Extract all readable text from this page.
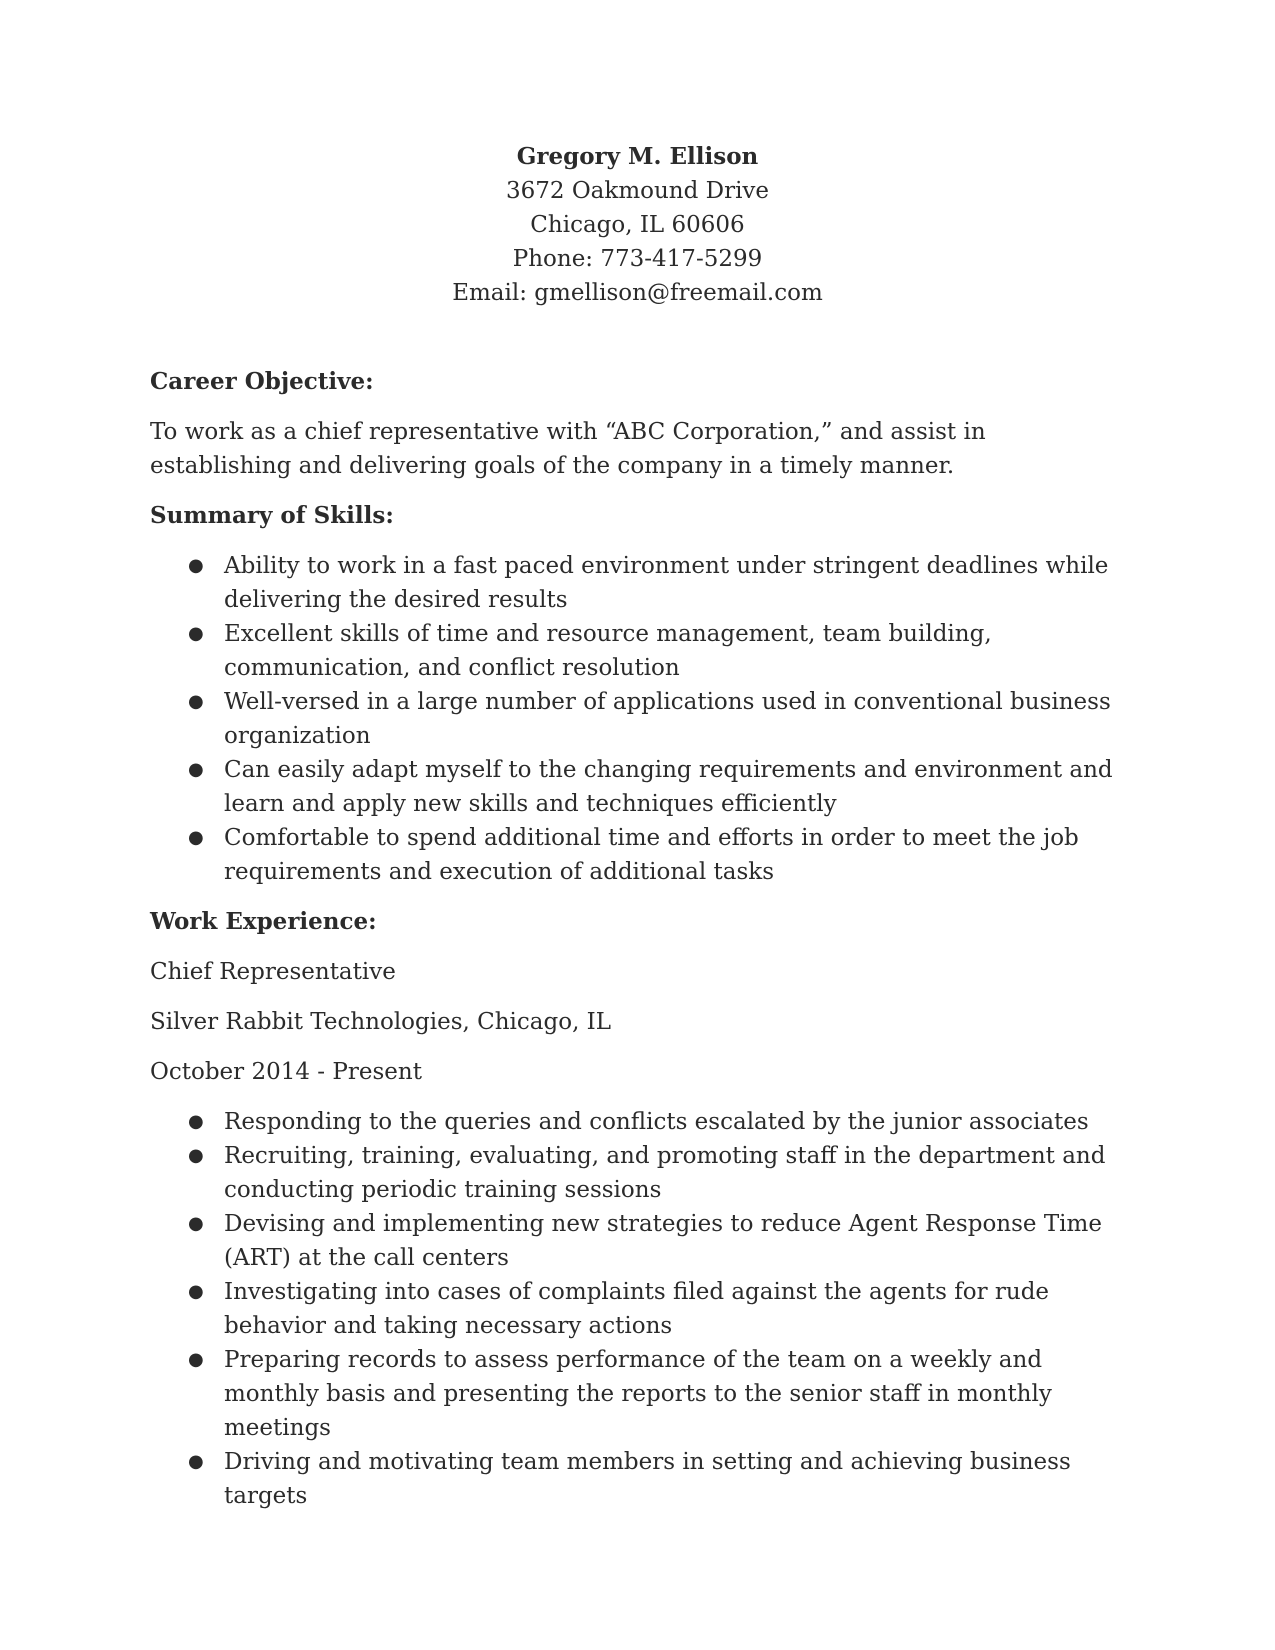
Gregory M. Ellison
3672 Oakmound Drive
Chicago, IL 60606
Phone: 773-417-5299
Email: gmellison@freemail.com

Career Objective:

To work as a chief representative with “ABC Corporation,” and assist in establishing and delivering goals of the company in a timely manner.

Summary of Skills:

● Ability to work in a fast paced environment under stringent deadlines while delivering the desired results
● Excellent skills of time and resource management, team building, communication, and conflict resolution
● Well-versed in a large number of applications used in conventional business organization
● Can easily adapt myself to the changing requirements and environment and learn and apply new skills and techniques efficiently
● Comfortable to spend additional time and efforts in order to meet the job requirements and execution of additional tasks

Work Experience:

Chief Representative

Silver Rabbit Technologies, Chicago, IL

October 2014 - Present

● Responding to the queries and conflicts escalated by the junior associates
● Recruiting, training, evaluating, and promoting staff in the department and conducting periodic training sessions
● Devising and implementing new strategies to reduce Agent Response Time (ART) at the call centers
● Investigating into cases of complaints filed against the agents for rude behavior and taking necessary actions
● Preparing records to assess performance of the team on a weekly and monthly basis and presenting the reports to the senior staff in monthly meetings
● Driving and motivating team members in setting and achieving business targets
